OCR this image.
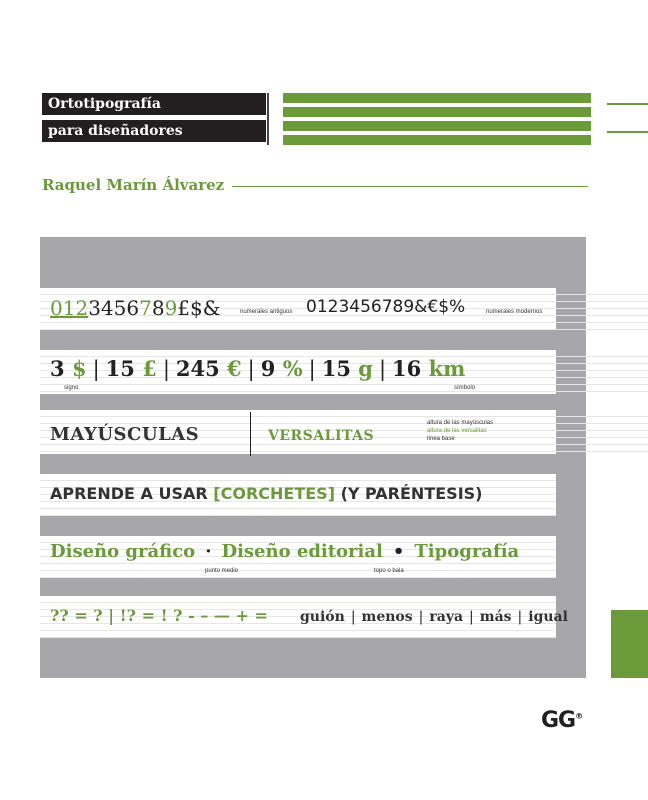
Ortotipografía
para diseñadores
Raquel Marín Álvarez
0123456789£$&	numerales antiguos 0123456789&€$%	numerales modernos
3 $ | 15 £ | 245 € | 9 % | 15 g | 16 km
signo	símbolo
MAYÚSCULAS	VERSALITAS
altura de las mayúsculas
altura de las versalitas
línea base
APRENDE A USAR [CORCHETES] (Y PARÉNTESIS)
Diseño gráfico · Diseño editorial • Tipografía
punto medio	topo o bala
?? = ? | !? = ! ? - – — + = guión | menos | raya | más | igual
GG®
